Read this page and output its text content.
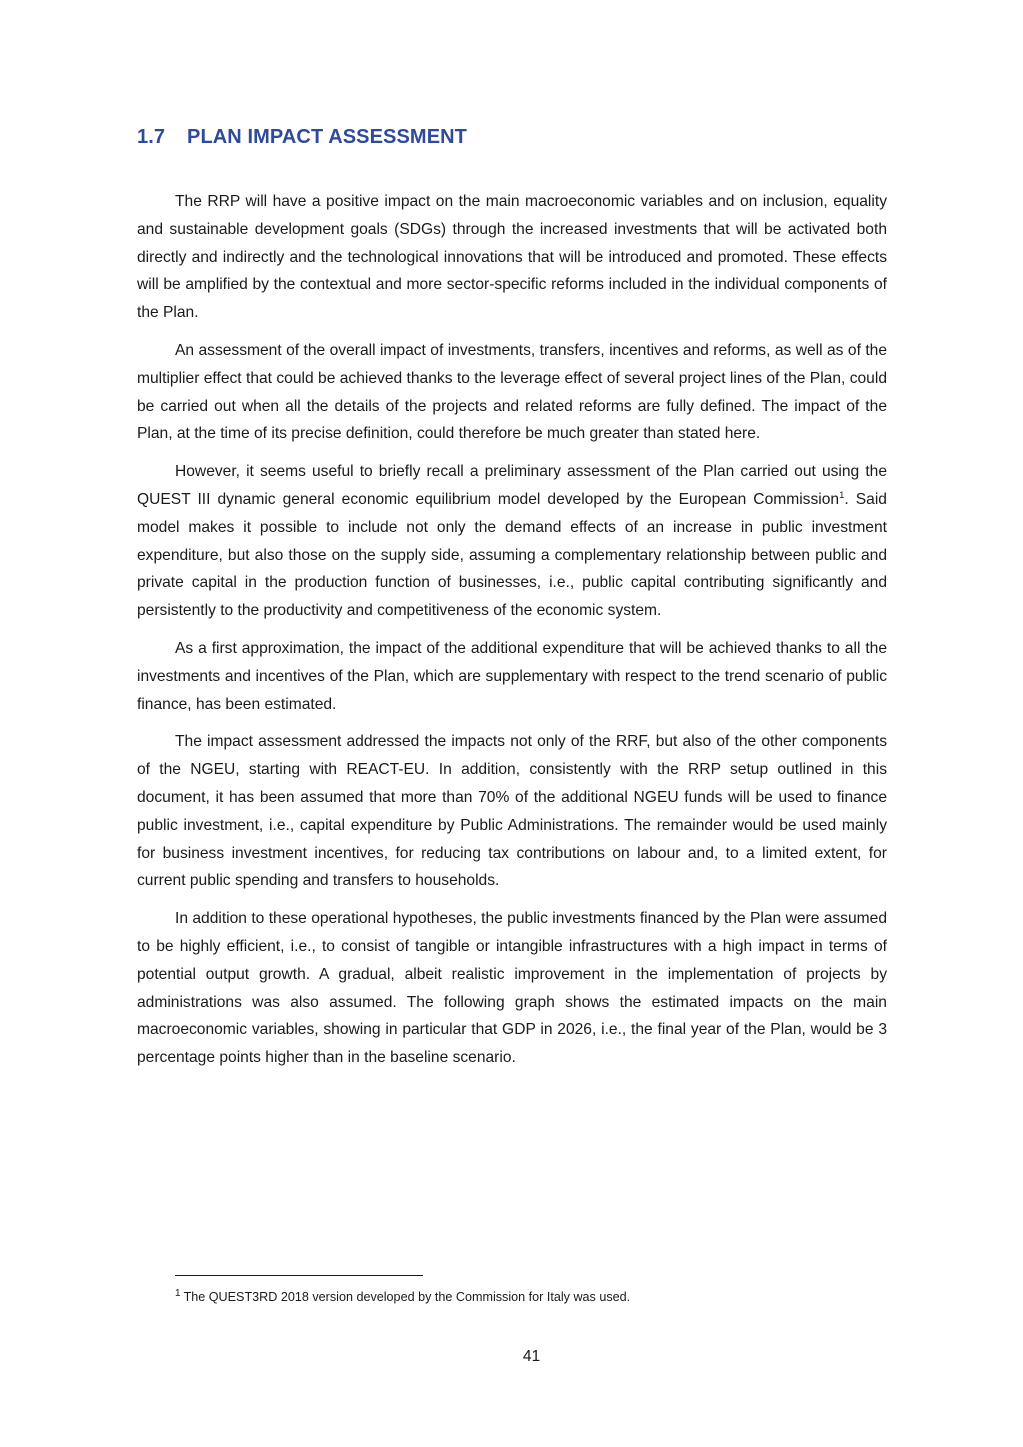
1.7 PLAN IMPACT ASSESSMENT

The RRP will have a positive impact on the main macroeconomic variables and on inclusion, equality and sustainable development goals (SDGs) through the increased investments that will be activated both directly and indirectly and the technological innovations that will be introduced and promoted. These effects will be amplified by the contextual and more sector-specific reforms included in the individual components of the Plan.

An assessment of the overall impact of investments, transfers, incentives and reforms, as well as of the multiplier effect that could be achieved thanks to the leverage effect of several project lines of the Plan, could be carried out when all the details of the projects and related reforms are fully defined. The impact of the Plan, at the time of its precise definition, could therefore be much greater than stated here.

However, it seems useful to briefly recall a preliminary assessment of the Plan carried out using the QUEST III dynamic general economic equilibrium model developed by the European Commission$^1$. Said model makes it possible to include not only the demand effects of an increase in public investment expenditure, but also those on the supply side, assuming a complementary relationship between public and private capital in the production function of businesses, i.e., public capital contributing significantly and persistently to the productivity and competitiveness of the economic system.

As a first approximation, the impact of the additional expenditure that will be achieved thanks to all the investments and incentives of the Plan, which are supplementary with respect to the trend scenario of public finance, has been estimated.

The impact assessment addressed the impacts not only of the RRF, but also of the other components of the NGEU, starting with REACT-EU. In addition, consistently with the RRP setup outlined in this document, it has been assumed that more than 70% of the additional NGEU funds will be used to finance public investment, i.e., capital expenditure by Public Administrations. The remainder would be used mainly for business investment incentives, for reducing tax contributions on labour and, to a limited extent, for current public spending and transfers to households.

In addition to these operational hypotheses, the public investments financed by the Plan were assumed to be highly efficient, i.e., to consist of tangible or intangible infrastructures with a high impact in terms of potential output growth. A gradual, albeit realistic improvement in the implementation of projects by administrations was also assumed. The following graph shows the estimated impacts on the main macroeconomic variables, showing in particular that GDP in 2026, i.e., the final year of the Plan, would be 3 percentage points higher than in the baseline scenario.

$^1$ The QUEST3RD 2018 version developed by the Commission for Italy was used.
41
